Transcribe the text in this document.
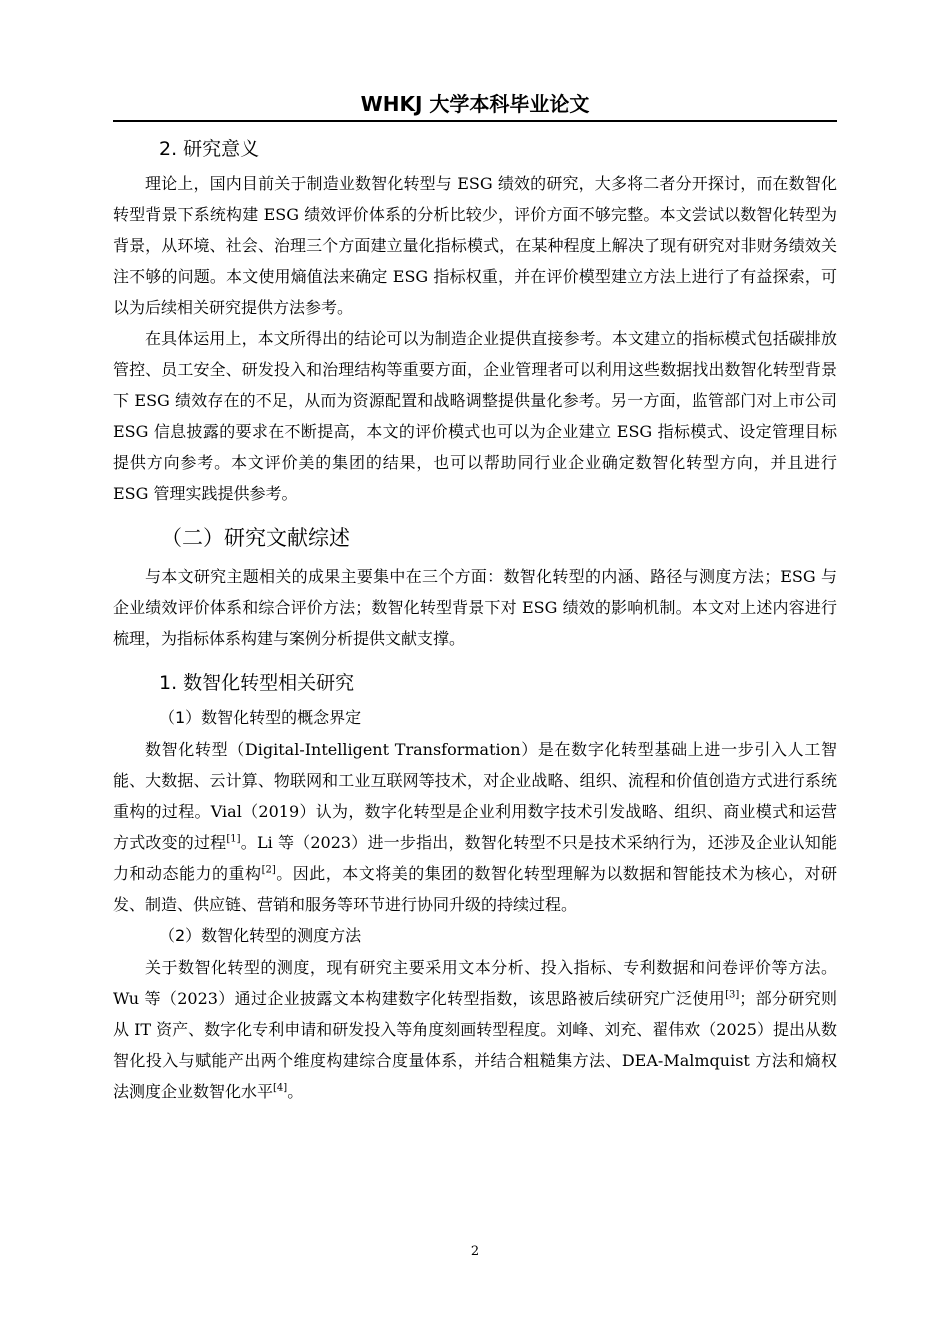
WHKJ 大学本科毕业论文
2. 研究意义

理论上，国内目前关于制造业数智化转型与 ESG 绩效的研究，大多将二者分开探讨，而在数智化转型背景下系统构建 ESG 绩效评价体系的分析比较少，评价方面不够完整。本文尝试以数智化转型为背景，从环境、社会、治理三个方面建立量化指标模式，在某种程度上解决了现有研究对非财务绩效关注不够的问题。本文使用熵值法来确定 ESG 指标权重，并在评价模型建立方法上进行了有益探索，可以为后续相关研究提供方法参考。

在具体运用上，本文所得出的结论可以为制造企业提供直接参考。本文建立的指标模式包括碳排放管控、员工安全、研发投入和治理结构等重要方面，企业管理者可以利用这些数据找出数智化转型背景下 ESG 绩效存在的不足，从而为资源配置和战略调整提供量化参考。另一方面，监管部门对上市公司 ESG 信息披露的要求在不断提高，本文的评价模式也可以为企业建立 ESG 指标模式、设定管理目标提供方向参考。本文评价美的集团的结果，也可以帮助同行业企业确定数智化转型方向，并且进行 ESG 管理实践提供参考。

（二）研究文献综述

与本文研究主题相关的成果主要集中在三个方面：数智化转型的内涵、路径与测度方法；ESG 与企业绩效评价体系和综合评价方法；数智化转型背景下对 ESG 绩效的影响机制。本文对上述内容进行梳理，为指标体系构建与案例分析提供文献支撑。

1. 数智化转型相关研究
（1）数智化转型的概念界定

数智化转型（Digital-Intelligent Transformation）是在数字化转型基础上进一步引入人工智能、大数据、云计算、物联网和工业互联网等技术，对企业战略、组织、流程和价值创造方式进行系统重构的过程。Vial（2019）认为，数字化转型是企业利用数字技术引发战略、组织、商业模式和运营方式改变的过程[1]。Li 等（2023）进一步指出，数智化转型不只是技术采纳行为，还涉及企业认知能力和动态能力的重构[2]。因此，本文将美的集团的数智化转型理解为以数据和智能技术为核心，对研发、制造、供应链、营销和服务等环节进行协同升级的持续过程。

（2）数智化转型的测度方法

关于数智化转型的测度，现有研究主要采用文本分析、投入指标、专利数据和问卷评价等方法。Wu 等（2023）通过企业披露文本构建数字化转型指数，该思路被后续研究广泛使用[3]；部分研究则从 IT 资产、数字化专利申请和研发投入等角度刻画转型程度。刘峰、刘充、翟伟欢（2025）提出从数智化投入与赋能产出两个维度构建综合度量体系，并结合粗糙集方法、DEA-Malmquist 方法和熵权法测度企业数智化水平[4]。

2
